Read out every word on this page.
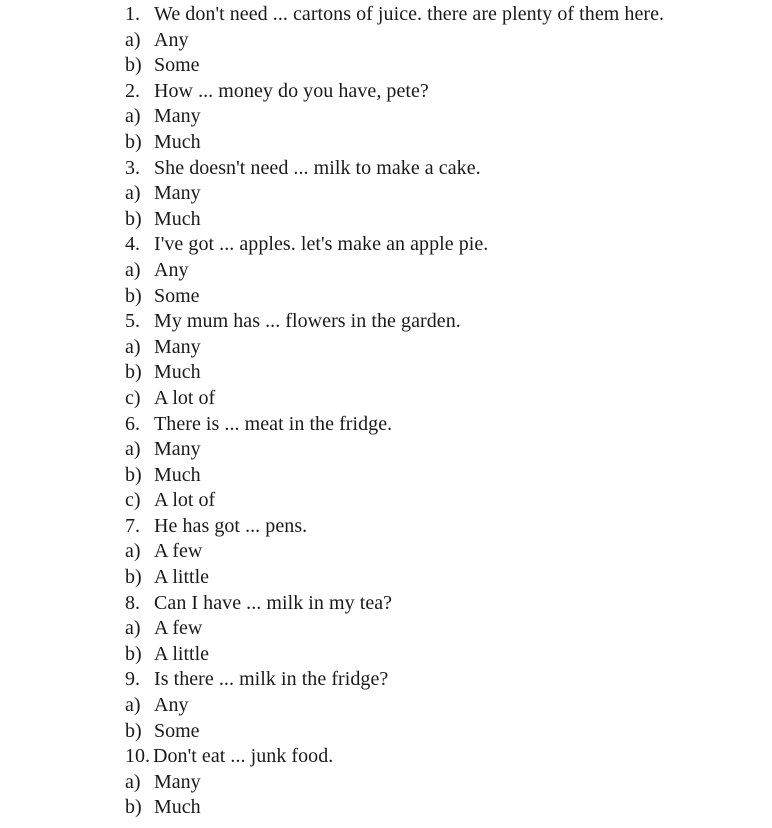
1. We don't need ... cartons of juice. there are plenty of them here.
a) Any
b) Some
2. How ... money do you have, pete?
a) Many
b) Much
3. She doesn't need ... milk to make a cake.
a) Many
b) Much
4. I've got ... apples. let's make an apple pie.
a) Any
b) Some
5. My mum has ... flowers in the garden.
a) Many
b) Much
c) A lot of
6. There is ... meat in the fridge.
a) Many
b) Much
c) A lot of
7. He has got ... pens.
a) A few
b) A little
8. Can I have ... milk in my tea?
a) A few
b) A little
9. Is there ... milk in the fridge?
a) Any
b) Some
10. Don't eat ... junk food.
a) Many
b) Much
